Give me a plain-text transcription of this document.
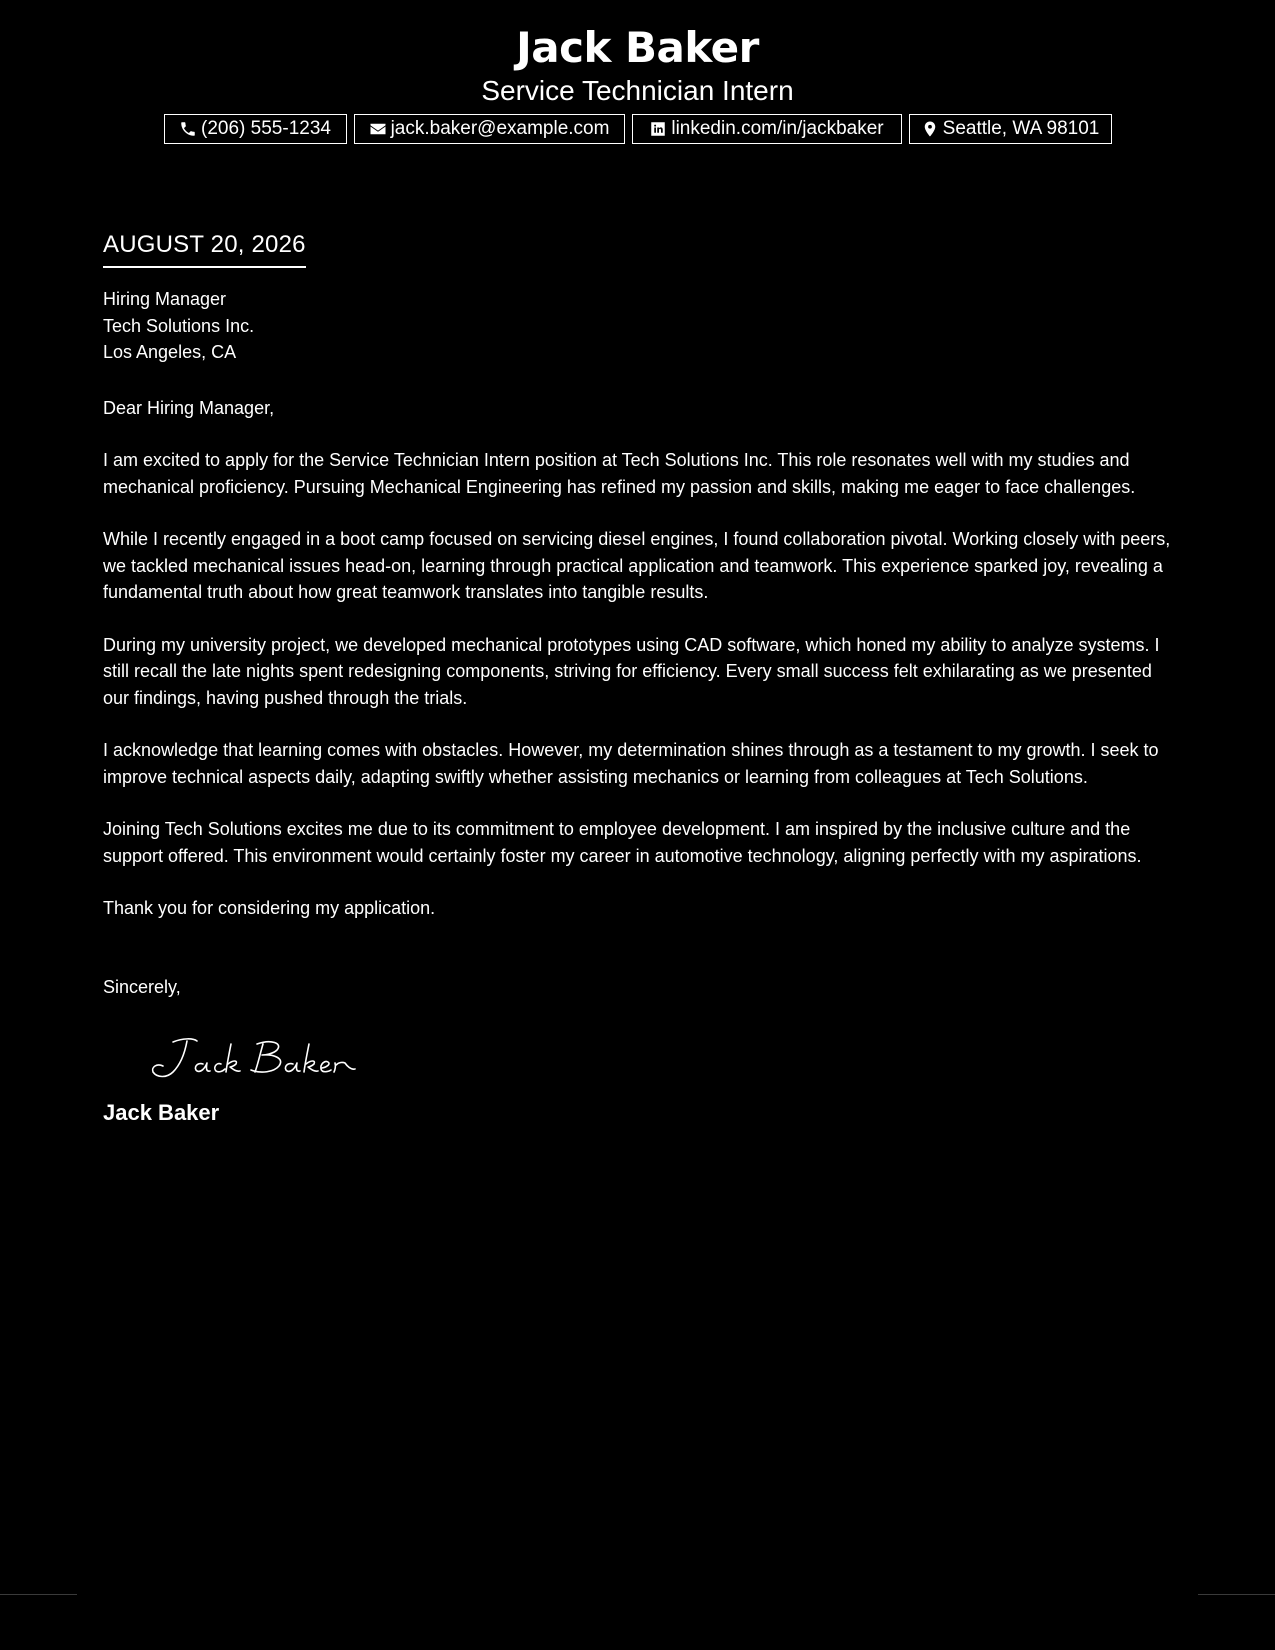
Jack Baker

Service Technician Intern

(206) 555-1234	jack.baker@example.com	linkedin.com/in/jackbaker	Seattle, WA 98101
AUGUST 20, 2026
Hiring Manager
Tech Solutions Inc.
Los Angeles, CA
Dear Hiring Manager,

I am excited to apply for the Service Technician Intern position at Tech Solutions Inc. This role resonates well with my studies and mechanical proficiency. Pursuing Mechanical Engineering has refined my passion and skills, making me eager to face challenges.

While I recently engaged in a boot camp focused on servicing diesel engines, I found collaboration pivotal. Working closely with peers, we tackled mechanical issues head-on, learning through practical application and teamwork. This experience sparked joy, revealing a fundamental truth about how great teamwork translates into tangible results.

During my university project, we developed mechanical prototypes using CAD software, which honed my ability to analyze systems. I still recall the late nights spent redesigning components, striving for efficiency. Every small success felt exhilarating as we presented our findings, having pushed through the trials.

I acknowledge that learning comes with obstacles. However, my determination shines through as a testament to my growth. I seek to improve technical aspects daily, adapting swiftly whether assisting mechanics or learning from colleagues at Tech Solutions.

Joining Tech Solutions excites me due to its commitment to employee development. I am inspired by the inclusive culture and the support offered. This environment would certainly foster my career in automotive technology, aligning perfectly with my aspirations.

Thank you for considering my application.

Sincerely,
Jack Baker
